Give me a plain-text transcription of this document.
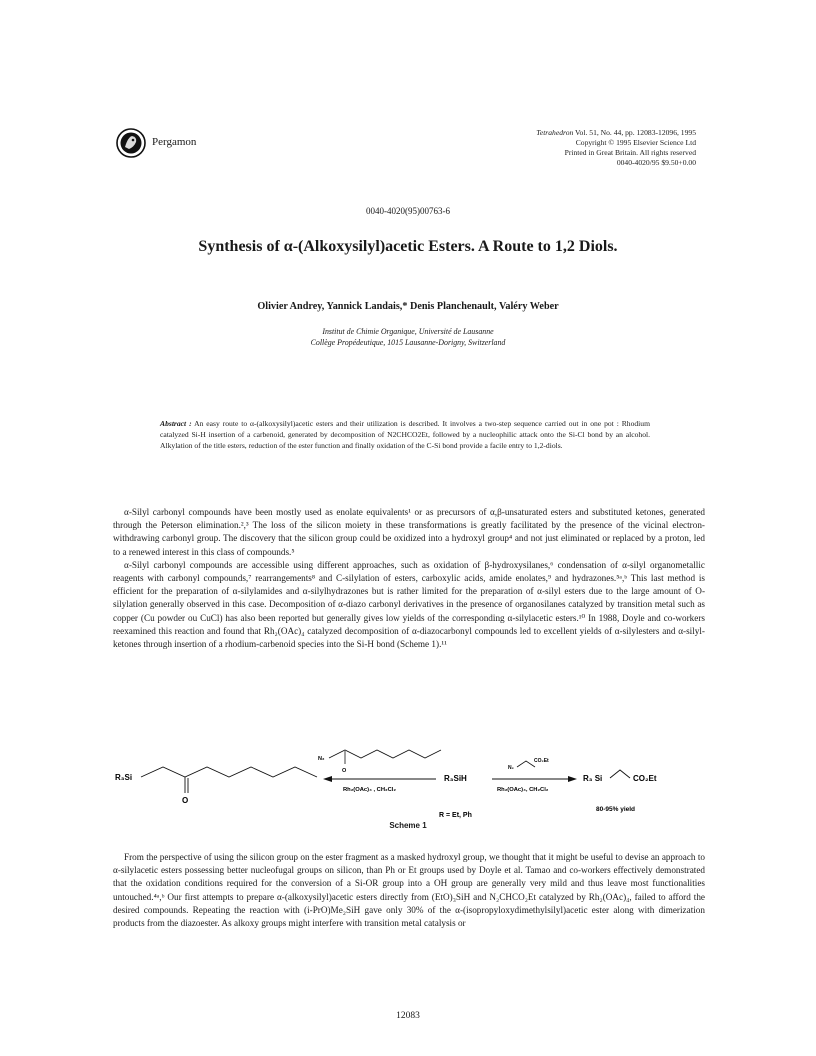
Pergamon
Tetrahedron Vol. 51, No. 44, pp. 12083-12096, 1995
Copyright © 1995 Elsevier Science Ltd
Printed in Great Britain. All rights reserved
0040-4020/95 $9.50+0.00
0040-4020(95)00763-6
Synthesis of α-(Alkoxysilyl)acetic Esters. A Route to 1,2 Diols.
Olivier Andrey, Yannick Landais,* Denis Planchenault, Valéry Weber
Institut de Chimie Organique, Université de Lausanne
Collège Propédeutique, 1015 Lausanne-Dorigny, Switzerland
Abstract : An easy route to α-(alkoxysilyl)acetic esters and their utilization is described. It involves a two-step sequence carried out in one pot : Rhodium catalyzed Si-H insertion of a carbenoid, generated by decomposition of N2CHCO2Et, followed by a nucleophilic attack onto the Si-Cl bond by an alcohol. Alkylation of the title esters, reduction of the ester function and finally oxidation of the C-Si bond provide a facile entry to 1,2-diols.

α-Silyl carbonyl compounds have been mostly used as enolate equivalents¹ or as precursors of α,β-unsaturated esters and substituted ketones, generated through the Peterson elimination.²,³ The loss of the silicon moiety in these transformations is greatly facilitated by the presence of the vicinal electron-withdrawing carbonyl group. The discovery that the silicon group could be oxidized into a hydroxyl group⁴ and not just eliminated or replaced by a proton, led to a renewed interest in this class of compounds.⁵

α-Silyl carbonyl compounds are accessible using different approaches, such as oxidation of β-hydroxysilanes,⁶ condensation of α-silyl organometallic reagents with carbonyl compounds,⁷ rearrangements⁸ and C-silylation of esters, carboxylic acids, amide enolates,⁹ and hydrazones.⁵ᵃ,ᵇ This last method is efficient for the preparation of α-silylamides and α-silylhydrazones but is rather limited for the preparation of α-silyl esters due to the large amount of O-silylation generally observed in this case. Decomposition of α-diazo carbonyl derivatives in the presence of organosilanes catalyzed by transition metal such as copper (Cu powder ou CuCl) has also been reported but generally gives low yields of the corresponding α-silylacetic esters.¹⁰ In 1988, Doyle and co-workers reexamined this reaction and found that Rh₂(OAc)₄ catalyzed decomposition of α-diazocarbonyl compounds led to excellent yields of α-silylesters and α-silyl-ketones through insertion of a rhodium-carbenoid species into the Si-H bond (Scheme 1).¹¹

R₃Si
O
N₂
O
Rh₂(OAc)₄ , CH₂Cl₂
R₃SiH
R = Et, Ph
N₂
CO₂Et
Rh₂(OAc)₄, CH₂Cl₂
R₃ Si	CO₂Et
80-95% yield
Scheme 1

From the perspective of using the silicon group on the ester fragment as a masked hydroxyl group, we thought that it might be useful to devise an approach to α-silylacetic esters possessing better nucleofugal groups on silicon, than Ph or Et groups used by Doyle et al. Tamao and co-workers effectively demonstrated that the oxidation conditions required for the conversion of a Si-OR group into a OH group are generally very mild and thus leave most functionalities untouched.⁴ᵃ,ᵇ Our first attempts to prepare α-(alkoxysilyl)acetic esters directly from (EtO)₃SiH and N₂CHCO₂Et catalyzed by Rh₂(OAc)₄, failed to afford the desired compounds. Repeating the reaction with (i-PrO)Me₂SiH gave only 30% of the α-(isopropyloxydimethylsilyl)acetic ester along with dimerization products from the diazoester. As alkoxy groups might interfere with transition metal catalysis or

12083
